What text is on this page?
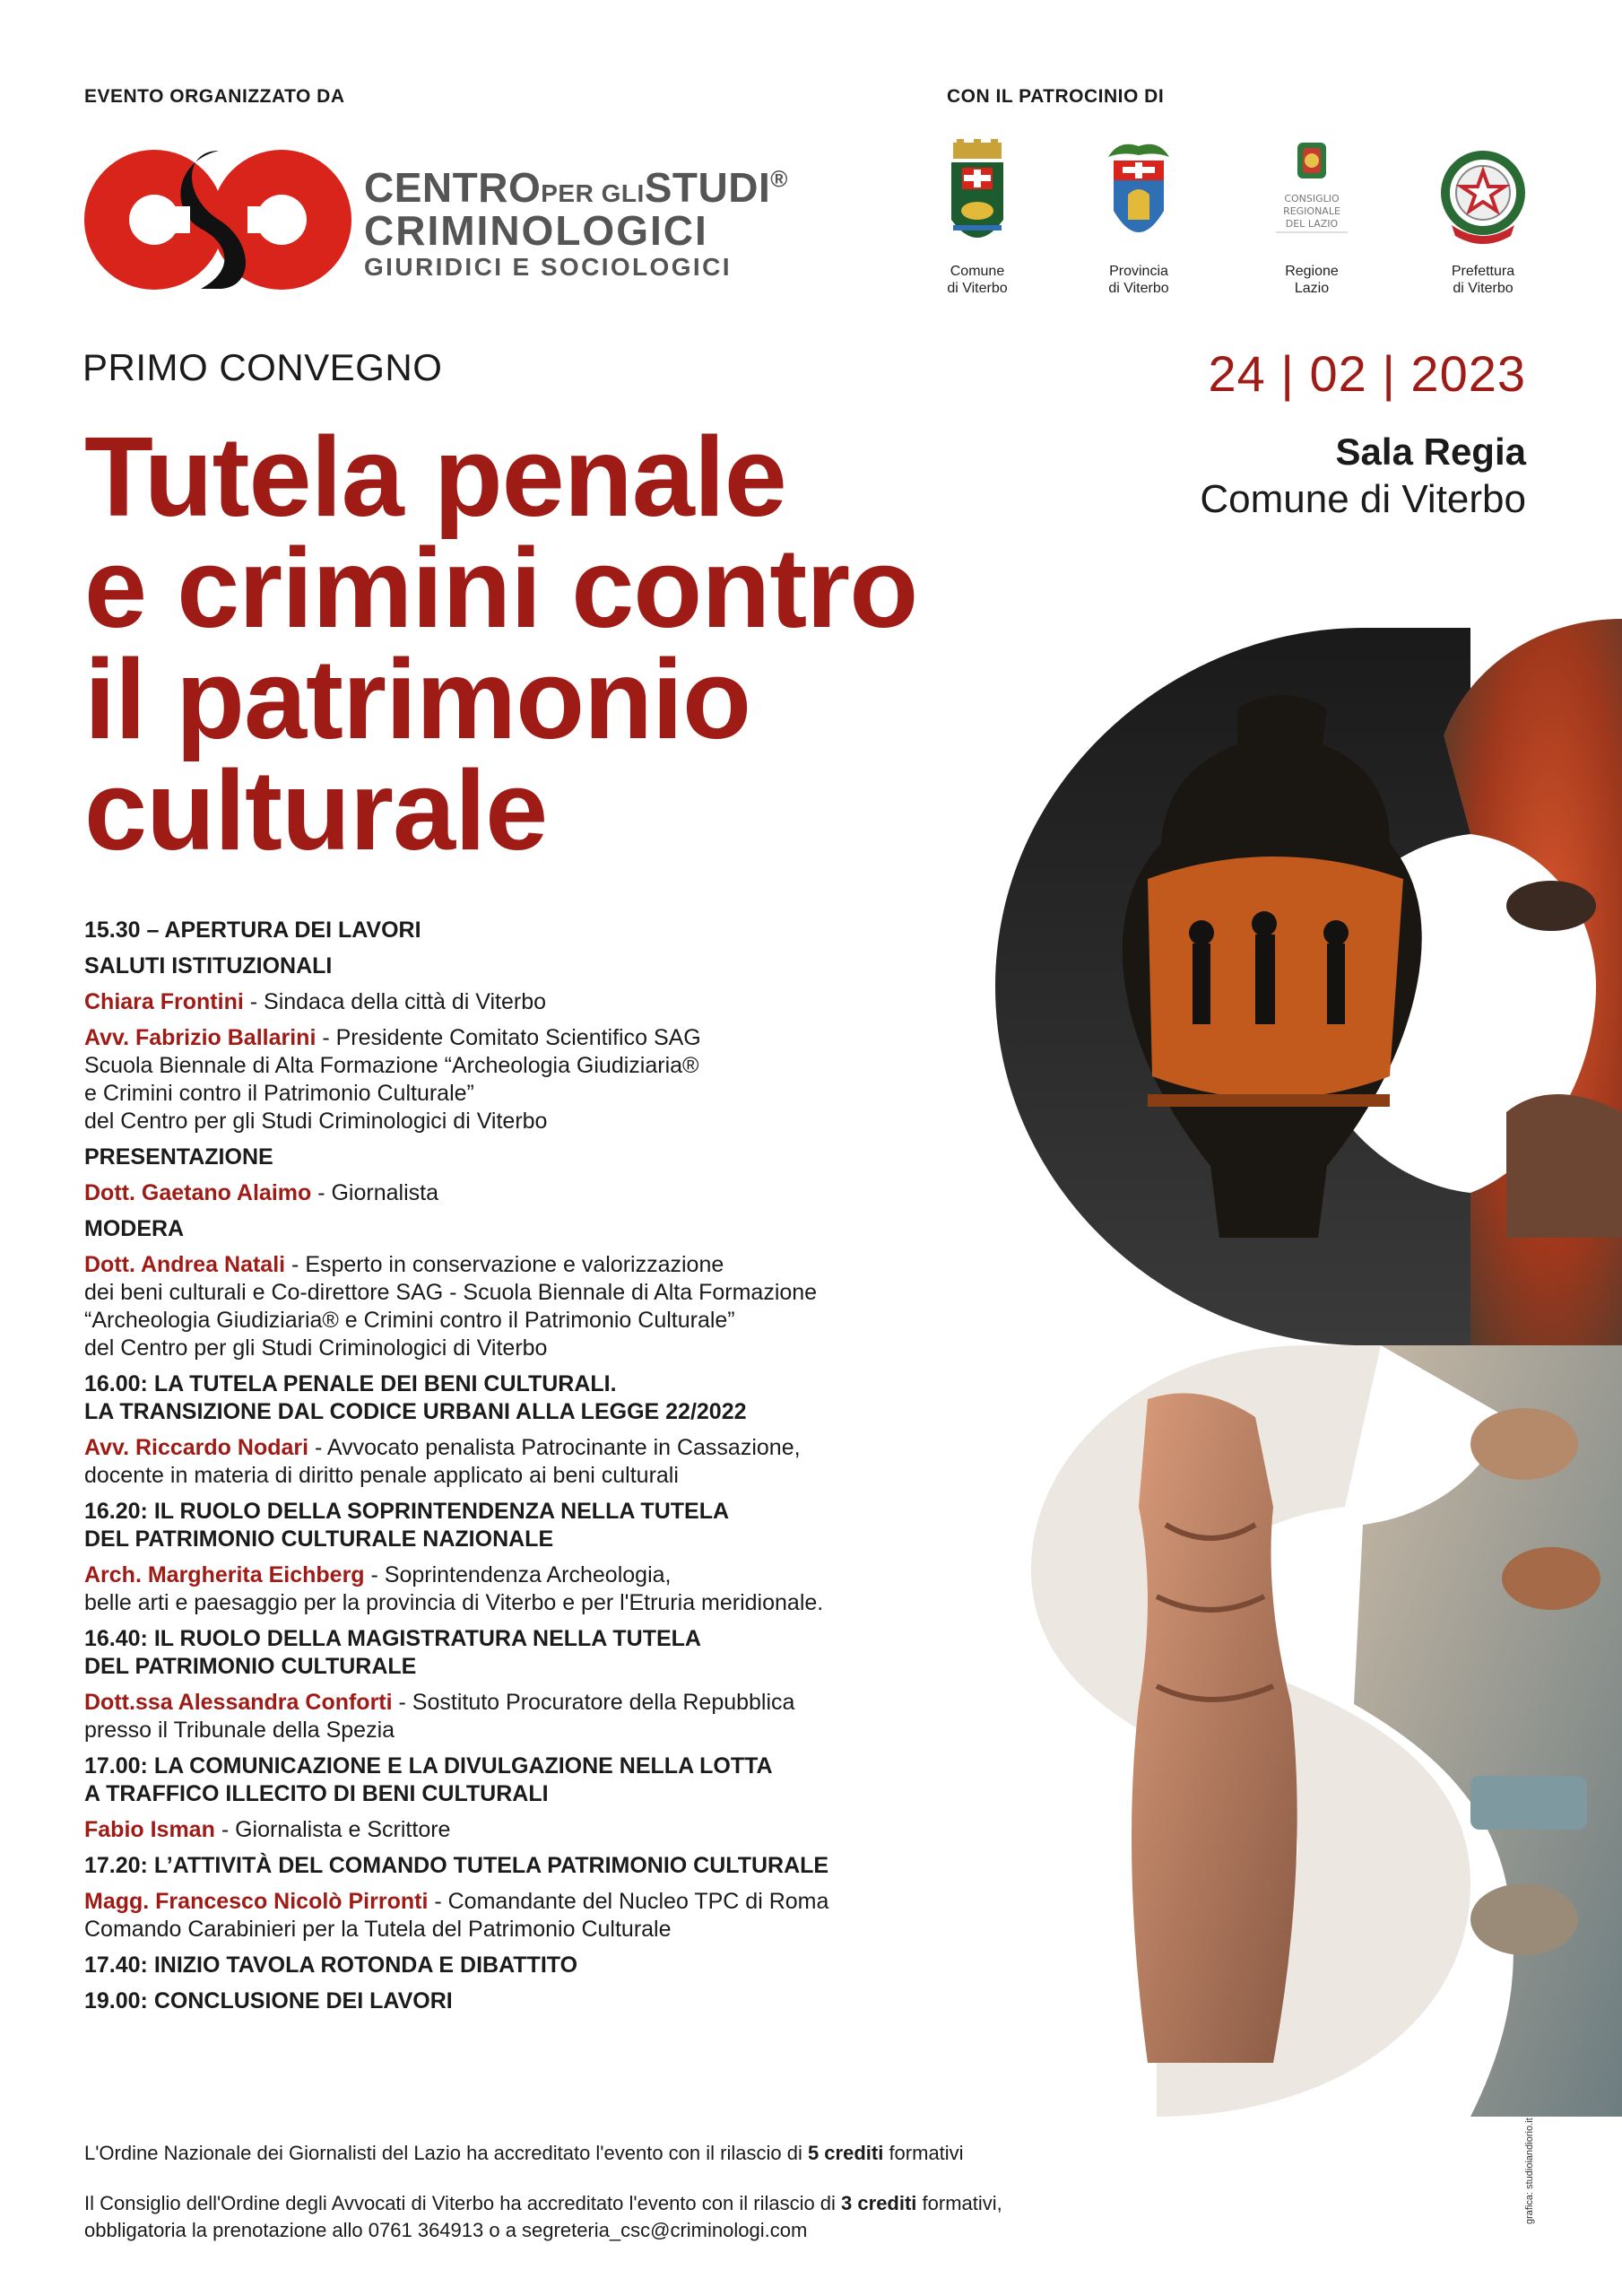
EVENTO ORGANIZZATO DA	CON IL PATROCINIO DI
CENTROPER GLISTUDI®
CRIMINOLOGICI
GIURIDICI E SOCIOLOGICI	Comune
di Viterbo
Provincia
di Viterbo
CONSIGLIO
REGIONALE
DEL LAZIO
Regione
Lazio
Prefettura
di Viterbo
PRIMO CONVEGNO	24 | 02 | 2023
Sala Regia
Comune di Viterbo
Tutela penale
e crimini contro
il patrimonio
culturale
15.30 – APERTURA DEI LAVORI
SALUTI ISTITUZIONALI
Chiara Frontini - Sindaca della città di Viterbo
Avv. Fabrizio Ballarini - Presidente Comitato Scientifico SAG
Scuola Biennale di Alta Formazione “Archeologia Giudiziaria®
e Crimini contro il Patrimonio Culturale”
del Centro per gli Studi Criminologici di Viterbo
PRESENTAZIONE
Dott. Gaetano Alaimo - Giornalista
MODERA
Dott. Andrea Natali - Esperto in conservazione e valorizzazione
dei beni culturali e Co-direttore SAG - Scuola Biennale di Alta Formazione
“Archeologia Giudiziaria® e Crimini contro il Patrimonio Culturale”
del Centro per gli Studi Criminologici di Viterbo
16.00: LA TUTELA PENALE DEI BENI CULTURALI.
LA TRANSIZIONE DAL CODICE URBANI ALLA LEGGE 22/2022
Avv. Riccardo Nodari - Avvocato penalista Patrocinante in Cassazione,
docente in materia di diritto penale applicato ai beni culturali
16.20: IL RUOLO DELLA SOPRINTENDENZA NELLA TUTELA
DEL PATRIMONIO CULTURALE NAZIONALE
Arch. Margherita Eichberg - Soprintendenza Archeologia,
belle arti e paesaggio per la provincia di Viterbo e per l'Etruria meridionale.
16.40: IL RUOLO DELLA MAGISTRATURA NELLA TUTELA
DEL PATRIMONIO CULTURALE
Dott.ssa Alessandra Conforti - Sostituto Procuratore della Repubblica
presso il Tribunale della Spezia
17.00: LA COMUNICAZIONE E LA DIVULGAZIONE NELLA LOTTA
A TRAFFICO ILLECITO DI BENI CULTURALI
Fabio Isman - Giornalista e Scrittore
17.20: L’ATTIVITÀ DEL COMANDO TUTELA PATRIMONIO CULTURALE
Magg. Francesco Nicolò Pirronti - Comandante del Nucleo TPC di Roma
Comando Carabinieri per la Tutela del Patrimonio Culturale
17.40: INIZIO TAVOLA ROTONDA E DIBATTITO
19.00: CONCLUSIONE DEI LAVORI
L'Ordine Nazionale dei Giornalisti del Lazio ha accreditato l'evento con il rilascio di 5 crediti formativi
Il Consiglio dell'Ordine degli Avvocati di Viterbo ha accreditato l'evento con il rilascio di 3 crediti formativi,
obbligatoria la prenotazione allo 0761 364913 o a segreteria_csc@criminologi.com
grafica: studioiandiorio.it
